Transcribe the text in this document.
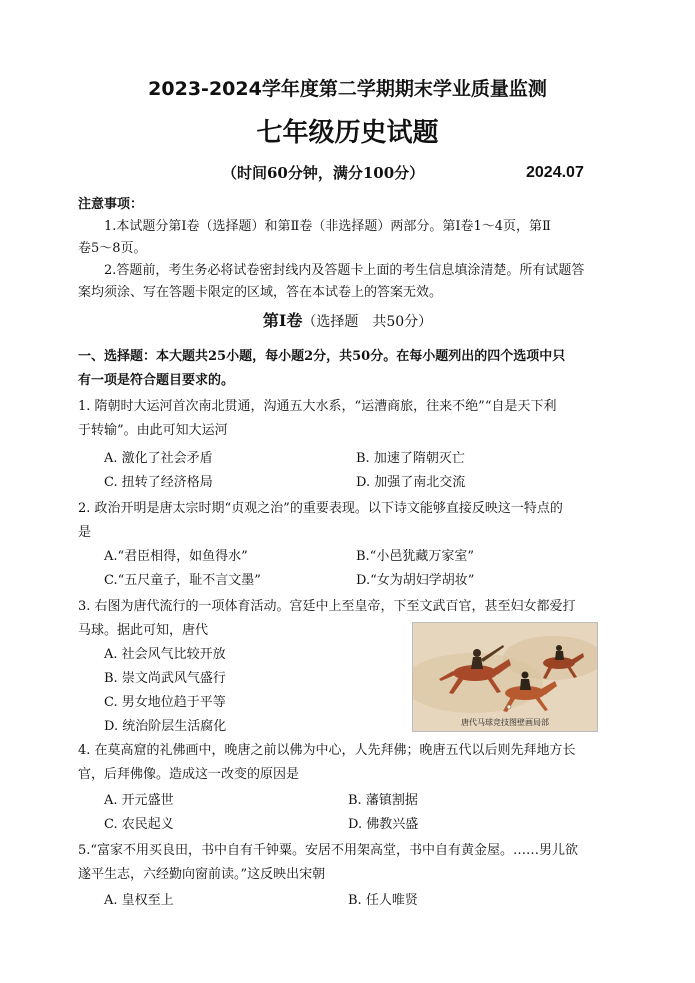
2023-2024学年度第二学期期末学业质量监测
七年级历史试题
（时间60分钟，满分100分）	2024.07
注意事项：
1.本试题分第Ⅰ卷（选择题）和第Ⅱ卷（非选择题）两部分。第Ⅰ卷1～4页，第Ⅱ
卷5～8页。
2.答题前，考生务必将试卷密封线内及答题卡上面的考生信息填涂清楚。所有试题答
案均须涂、写在答题卡限定的区域，答在本试卷上的答案无效。
第Ⅰ卷（选择题　共50分）
一、选择题：本大题共25小题，每小题2分，共50分。在每小题列出的四个选项中只
有一项是符合题目要求的。
1. 隋朝时大运河首次南北贯通，沟通五大水系，“运漕商旅，往来不绝”“自是天下利
于转输”。由此可知大运河
A. 激化了社会矛盾	B. 加速了隋朝灭亡
C. 扭转了经济格局	D. 加强了南北交流
2. 政治开明是唐太宗时期“贞观之治”的重要表现。以下诗文能够直接反映这一特点的
是
A.“君臣相得，如鱼得水”	B.“小邑犹藏万家室”
C.“五尺童子，耻不言文墨”	D.“女为胡妇学胡妆”
3. 右图为唐代流行的一项体育活动。宫廷中上至皇帝，下至文武百官，甚至妇女都爱打
马球。据此可知，唐代
A. 社会风气比较开放
B. 崇文尚武风气盛行
C. 男女地位趋于平等
D. 统治阶层生活腐化	唐代马球竞技图壁画局部
4. 在莫高窟的礼佛画中，晚唐之前以佛为中心，人先拜佛；晚唐五代以后则先拜地方长
官，后拜佛像。造成这一改变的原因是
A. 开元盛世	B. 藩镇割据
C. 农民起义	D. 佛教兴盛
5.“富家不用买良田，书中自有千钟粟。安居不用架高堂，书中自有黄金屋。……男儿欲
遂平生志，六经勤向窗前读。”这反映出宋朝
A. 皇权至上	B. 任人唯贤
